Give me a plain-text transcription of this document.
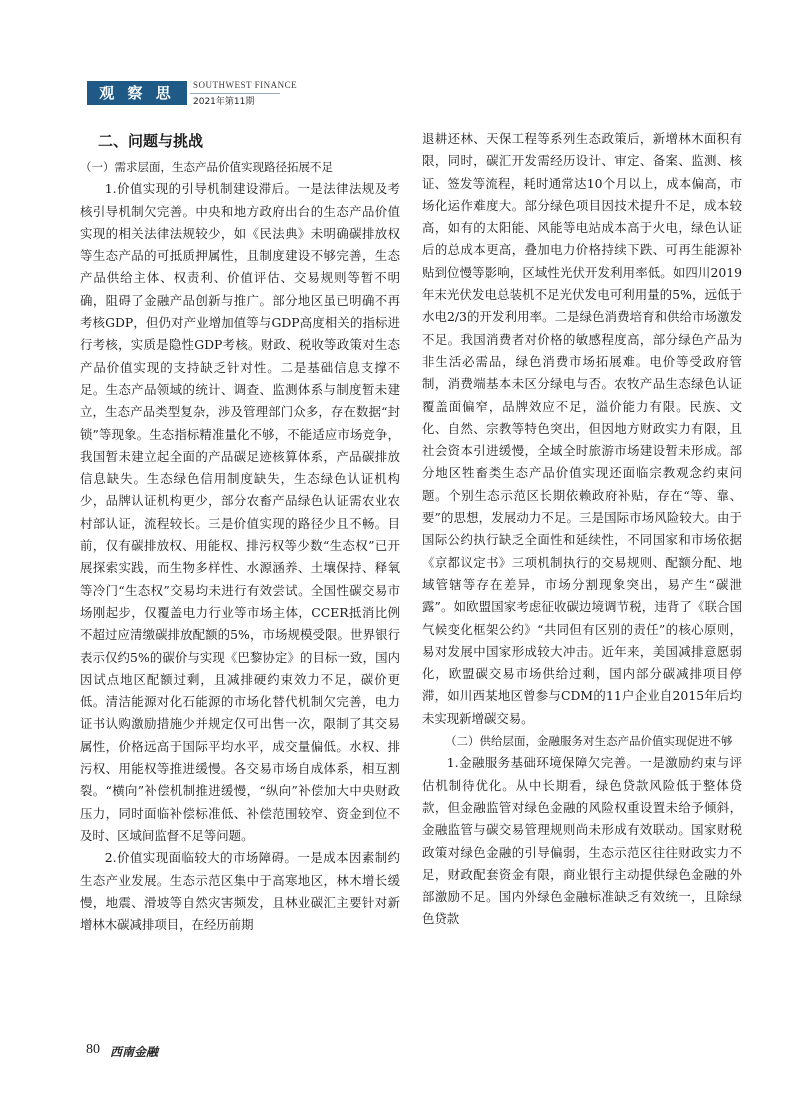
观 察 思 考
SOUTHWEST FINANCE
2021年第11期
二、问题与挑战

（一）需求层面，生态产品价值实现路径拓展不足

1.价值实现的引导机制建设滞后。一是法律法规及考核引导机制欠完善。中央和地方政府出台的生态产品价值实现的相关法律法规较少，如《民法典》未明确碳排放权等生态产品的可抵质押属性，且制度建设不够完善，生态产品供给主体、权责利、价值评估、交易规则等暂不明确，阻碍了金融产品创新与推广。部分地区虽已明确不再考核GDP，但仍对产业增加值等与GDP高度相关的指标进行考核，实质是隐性GDP考核。财政、税收等政策对生态产品价值实现的支持缺乏针对性。二是基础信息支撑不足。生态产品领域的统计、调查、监测体系与制度暂未建立，生态产品类型复杂，涉及管理部门众多，存在数据“封锁”等现象。生态指标精准量化不够，不能适应市场竞争，我国暂未建立起全面的产品碳足迹核算体系，产品碳排放信息缺失。生态绿色信用制度缺失，生态绿色认证机构少，品牌认证机构更少，部分农畜产品绿色认证需农业农村部认证，流程较长。三是价值实现的路径少且不畅。目前，仅有碳排放权、用能权、排污权等少数“生态权”已开展探索实践，而生物多样性、水源涵养、土壤保持、释氧等冷门“生态权”交易均未进行有效尝试。全国性碳交易市场刚起步，仅覆盖电力行业等市场主体，CCER抵消比例不超过应清缴碳排放配额的5%，市场规模受限。世界银行表示仅约5%的碳价与实现《巴黎协定》的目标一致，国内因试点地区配额过剩，且减排硬约束效力不足，碳价更低。清洁能源对化石能源的市场化替代机制欠完善，电力证书认购激励措施少并规定仅可出售一次，限制了其交易属性，价格远高于国际平均水平，成交量偏低。水权、排污权、用能权等推进缓慢。各交易市场自成体系，相互割裂。“横向”补偿机制推进缓慢，“纵向”补偿加大中央财政压力，同时面临补偿标准低、补偿范围较窄、资金到位不及时、区域间监督不足等问题。

2.价值实现面临较大的市场障碍。一是成本因素制约生态产业发展。生态示范区集中于高寒地区，林木增长缓慢，地震、滑坡等自然灾害频发，且林业碳汇主要针对新增林木碳减排项目，在经历前期

退耕还林、天保工程等系列生态政策后，新增林木面积有限，同时，碳汇开发需经历设计、审定、备案、监测、核证、签发等流程，耗时通常达10个月以上，成本偏高，市场化运作难度大。部分绿色项目因技术提升不足，成本较高，如有的太阳能、风能等电站成本高于火电，绿色认证后的总成本更高，叠加电力价格持续下跌、可再生能源补贴到位慢等影响，区域性光伏开发利用率低。如四川2019年末光伏发电总装机不足光伏发电可利用量的5%，远低于水电2/3的开发利用率。二是绿色消费培育和供给市场激发不足。我国消费者对价格的敏感程度高，部分绿色产品为非生活必需品，绿色消费市场拓展难。电价等受政府管制，消费端基本未区分绿电与否。农牧产品生态绿色认证覆盖面偏窄，品牌效应不足，溢价能力有限。民族、文化、自然、宗教等特色突出，但因地方财政实力有限，且社会资本引进缓慢，全域全时旅游市场建设暂未形成。部分地区牲畜类生态产品价值实现还面临宗教观念约束问题。个别生态示范区长期依赖政府补贴，存在“等、靠、要”的思想，发展动力不足。三是国际市场风险较大。由于国际公约执行缺乏全面性和延续性，不同国家和市场依据《京都议定书》三项机制执行的交易规则、配额分配、地域管辖等存在差异，市场分割现象突出，易产生“碳泄露”。如欧盟国家考虑征收碳边境调节税，违背了《联合国气候变化框架公约》“共同但有区别的责任”的核心原则，易对发展中国家形成较大冲击。近年来，美国减排意愿弱化，欧盟碳交易市场供给过剩，国内部分碳减排项目停滞，如川西某地区曾参与CDM的11户企业自2015年后均未实现新增碳交易。

（二）供给层面，金融服务对生态产品价值实现促进不够

1.金融服务基础环境保障欠完善。一是激励约束与评估机制待优化。从中长期看，绿色贷款风险低于整体贷款，但金融监管对绿色金融的风险权重设置未给予倾斜，金融监管与碳交易管理规则尚未形成有效联动。国家财税政策对绿色金融的引导偏弱，生态示范区往往财政实力不足，财政配套资金有限，商业银行主动提供绿色金融的外部激励不足。国内外绿色金融标准缺乏有效统一，且除绿色贷款

80 西南金融
